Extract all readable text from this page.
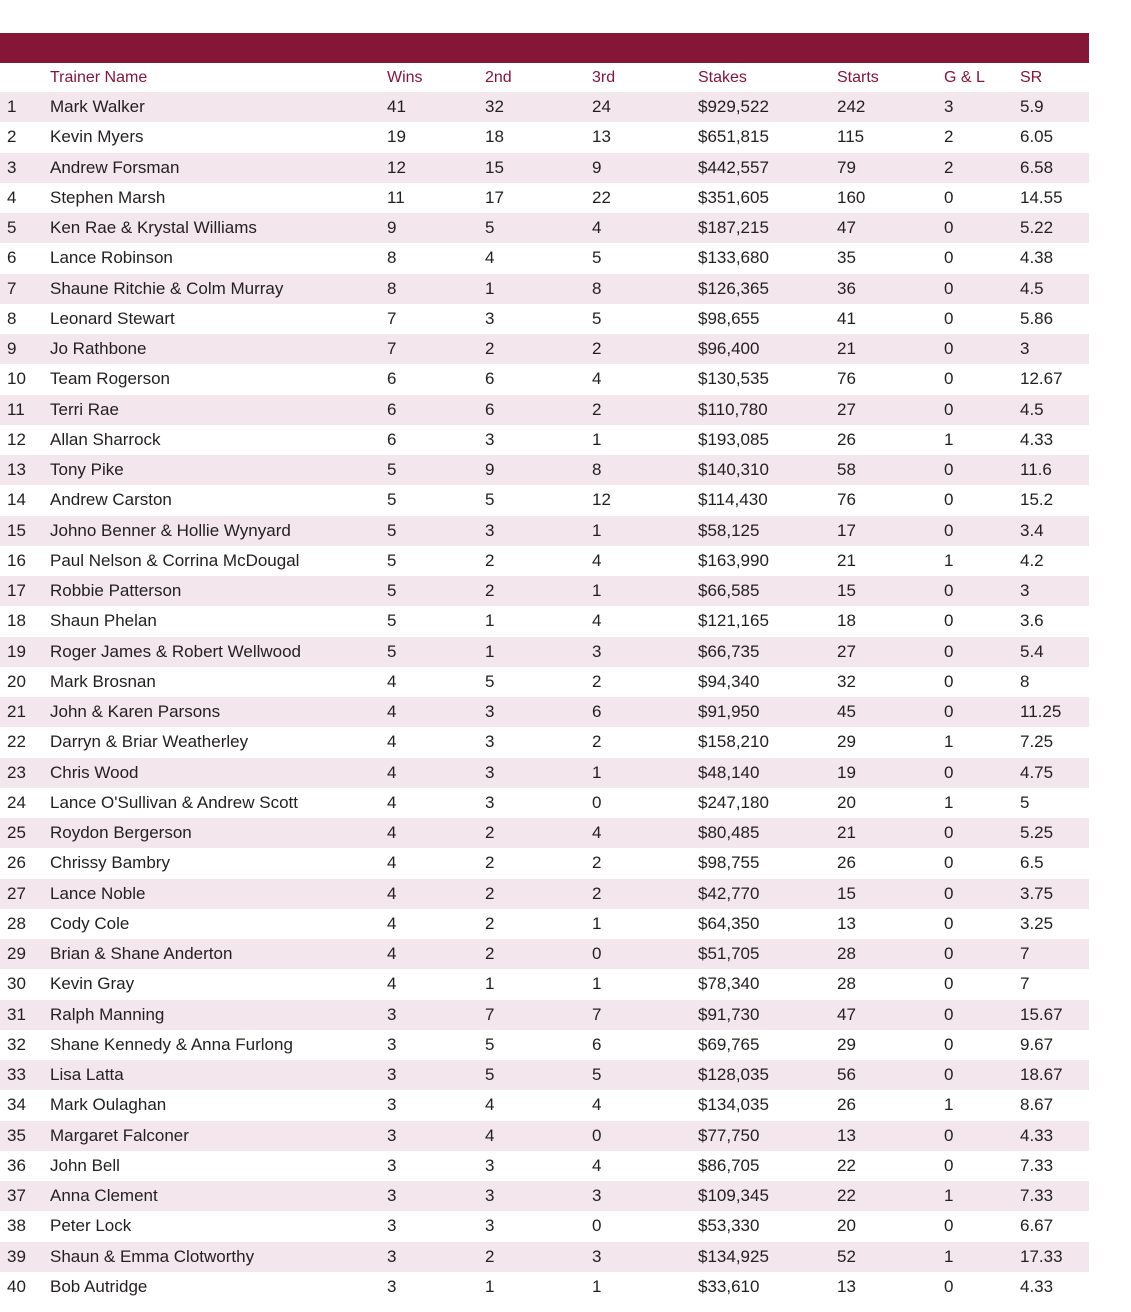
	Trainer Name	Wins	2nd	3rd	Stakes	Starts	G & L	SR
1	Mark Walker	41	32	24	$929,522	242	3	5.9
2	Kevin Myers	19	18	13	$651,815	115	2	6.05
3	Andrew Forsman	12	15	9	$442,557	79	2	6.58
4	Stephen Marsh	11	17	22	$351,605	160	0	14.55
5	Ken Rae & Krystal Williams	9	5	4	$187,215	47	0	5.22
6	Lance Robinson	8	4	5	$133,680	35	0	4.38
7	Shaune Ritchie & Colm Murray	8	1	8	$126,365	36	0	4.5
8	Leonard Stewart	7	3	5	$98,655	41	0	5.86
9	Jo Rathbone	7	2	2	$96,400	21	0	3
10	Team Rogerson	6	6	4	$130,535	76	0	12.67
11	Terri Rae	6	6	2	$110,780	27	0	4.5
12	Allan Sharrock	6	3	1	$193,085	26	1	4.33
13	Tony Pike	5	9	8	$140,310	58	0	11.6
14	Andrew Carston	5	5	12	$114,430	76	0	15.2
15	Johno Benner & Hollie Wynyard	5	3	1	$58,125	17	0	3.4
16	Paul Nelson & Corrina McDougal	5	2	4	$163,990	21	1	4.2
17	Robbie Patterson	5	2	1	$66,585	15	0	3
18	Shaun Phelan	5	1	4	$121,165	18	0	3.6
19	Roger James & Robert Wellwood	5	1	3	$66,735	27	0	5.4
20	Mark Brosnan	4	5	2	$94,340	32	0	8
21	John & Karen Parsons	4	3	6	$91,950	45	0	11.25
22	Darryn & Briar Weatherley	4	3	2	$158,210	29	1	7.25
23	Chris Wood	4	3	1	$48,140	19	0	4.75
24	Lance O'Sullivan & Andrew Scott	4	3	0	$247,180	20	1	5
25	Roydon Bergerson	4	2	4	$80,485	21	0	5.25
26	Chrissy Bambry	4	2	2	$98,755	26	0	6.5
27	Lance Noble	4	2	2	$42,770	15	0	3.75
28	Cody Cole	4	2	1	$64,350	13	0	3.25
29	Brian & Shane Anderton	4	2	0	$51,705	28	0	7
30	Kevin Gray	4	1	1	$78,340	28	0	7
31	Ralph Manning	3	7	7	$91,730	47	0	15.67
32	Shane Kennedy & Anna Furlong	3	5	6	$69,765	29	0	9.67
33	Lisa Latta	3	5	5	$128,035	56	0	18.67
34	Mark Oulaghan	3	4	4	$134,035	26	1	8.67
35	Margaret Falconer	3	4	0	$77,750	13	0	4.33
36	John Bell	3	3	4	$86,705	22	0	7.33
37	Anna Clement	3	3	3	$109,345	22	1	7.33
38	Peter Lock	3	3	0	$53,330	20	0	6.67
39	Shaun & Emma Clotworthy	3	2	3	$134,925	52	1	17.33
40	Bob Autridge	3	1	1	$33,610	13	0	4.33
